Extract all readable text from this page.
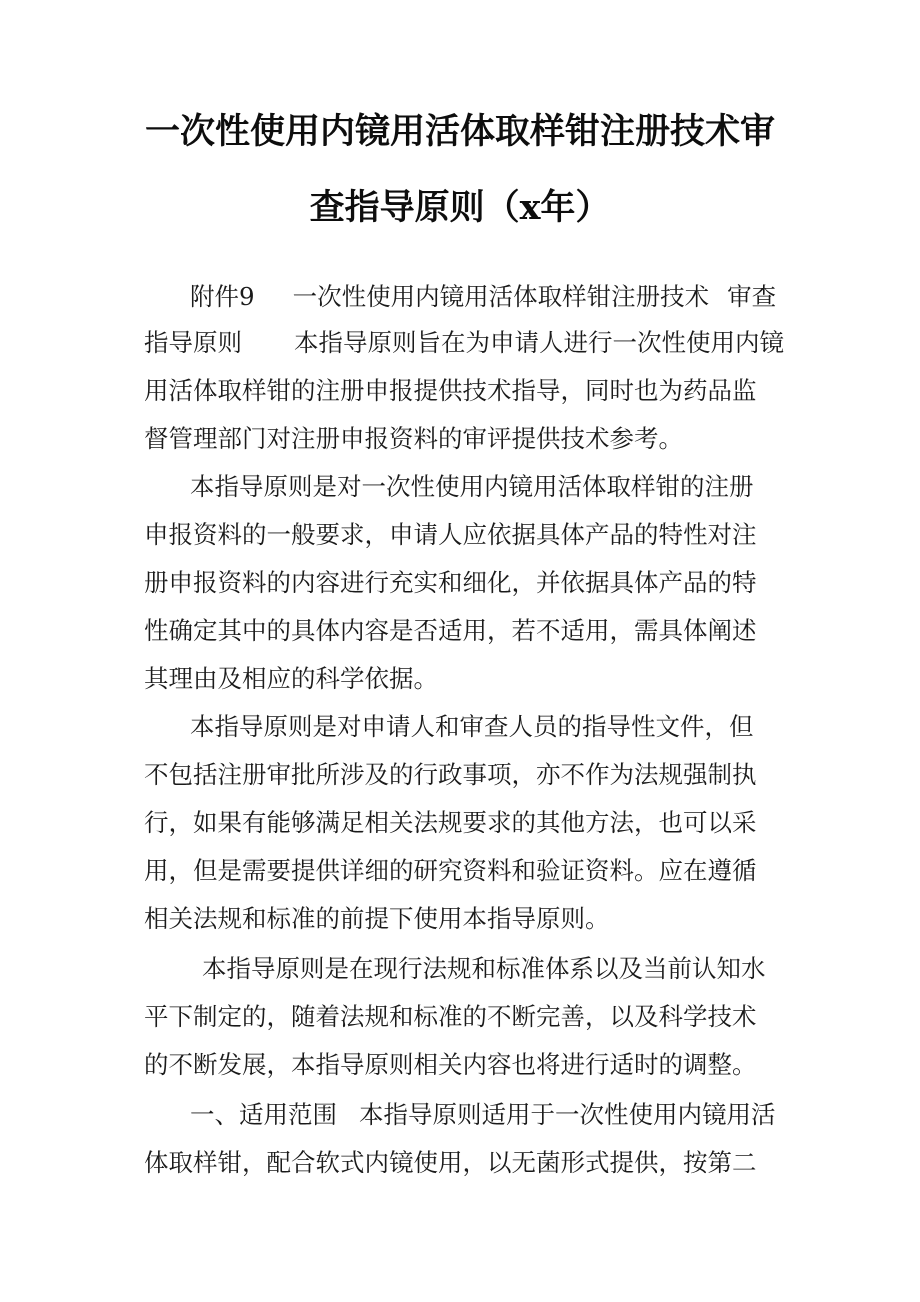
一次性使用内镜用活体取样钳注册技术审
查指导原则（x年）
附件9 一次性使用内镜用活体取样钳注册技术 审查
指导原则 本指导原则旨在为申请人进行一次性使用内镜
用活体取样钳的注册申报提供技术指导，同时也为药品监
督管理部门对注册申报资料的审评提供技术参考。
本指导原则是对一次性使用内镜用活体取样钳的注册
申报资料的一般要求，申请人应依据具体产品的特性对注
册申报资料的内容进行充实和细化，并依据具体产品的特
性确定其中的具体内容是否适用，若不适用，需具体阐述
其理由及相应的科学依据。
本指导原则是对申请人和审查人员的指导性文件，但
不包括注册审批所涉及的行政事项，亦不作为法规强制执
行，如果有能够满足相关法规要求的其他方法，也可以采
用，但是需要提供详细的研究资料和验证资料。应在遵循
相关法规和标准的前提下使用本指导原则。
本指导原则是在现行法规和标准体系以及当前认知水
平下制定的，随着法规和标准的不断完善，以及科学技术
的不断发展，本指导原则相关内容也将进行适时的调整。
一、适用范围 本指导原则适用于一次性使用内镜用活
体取样钳，配合软式内镜使用，以无菌形式提供，按第二
